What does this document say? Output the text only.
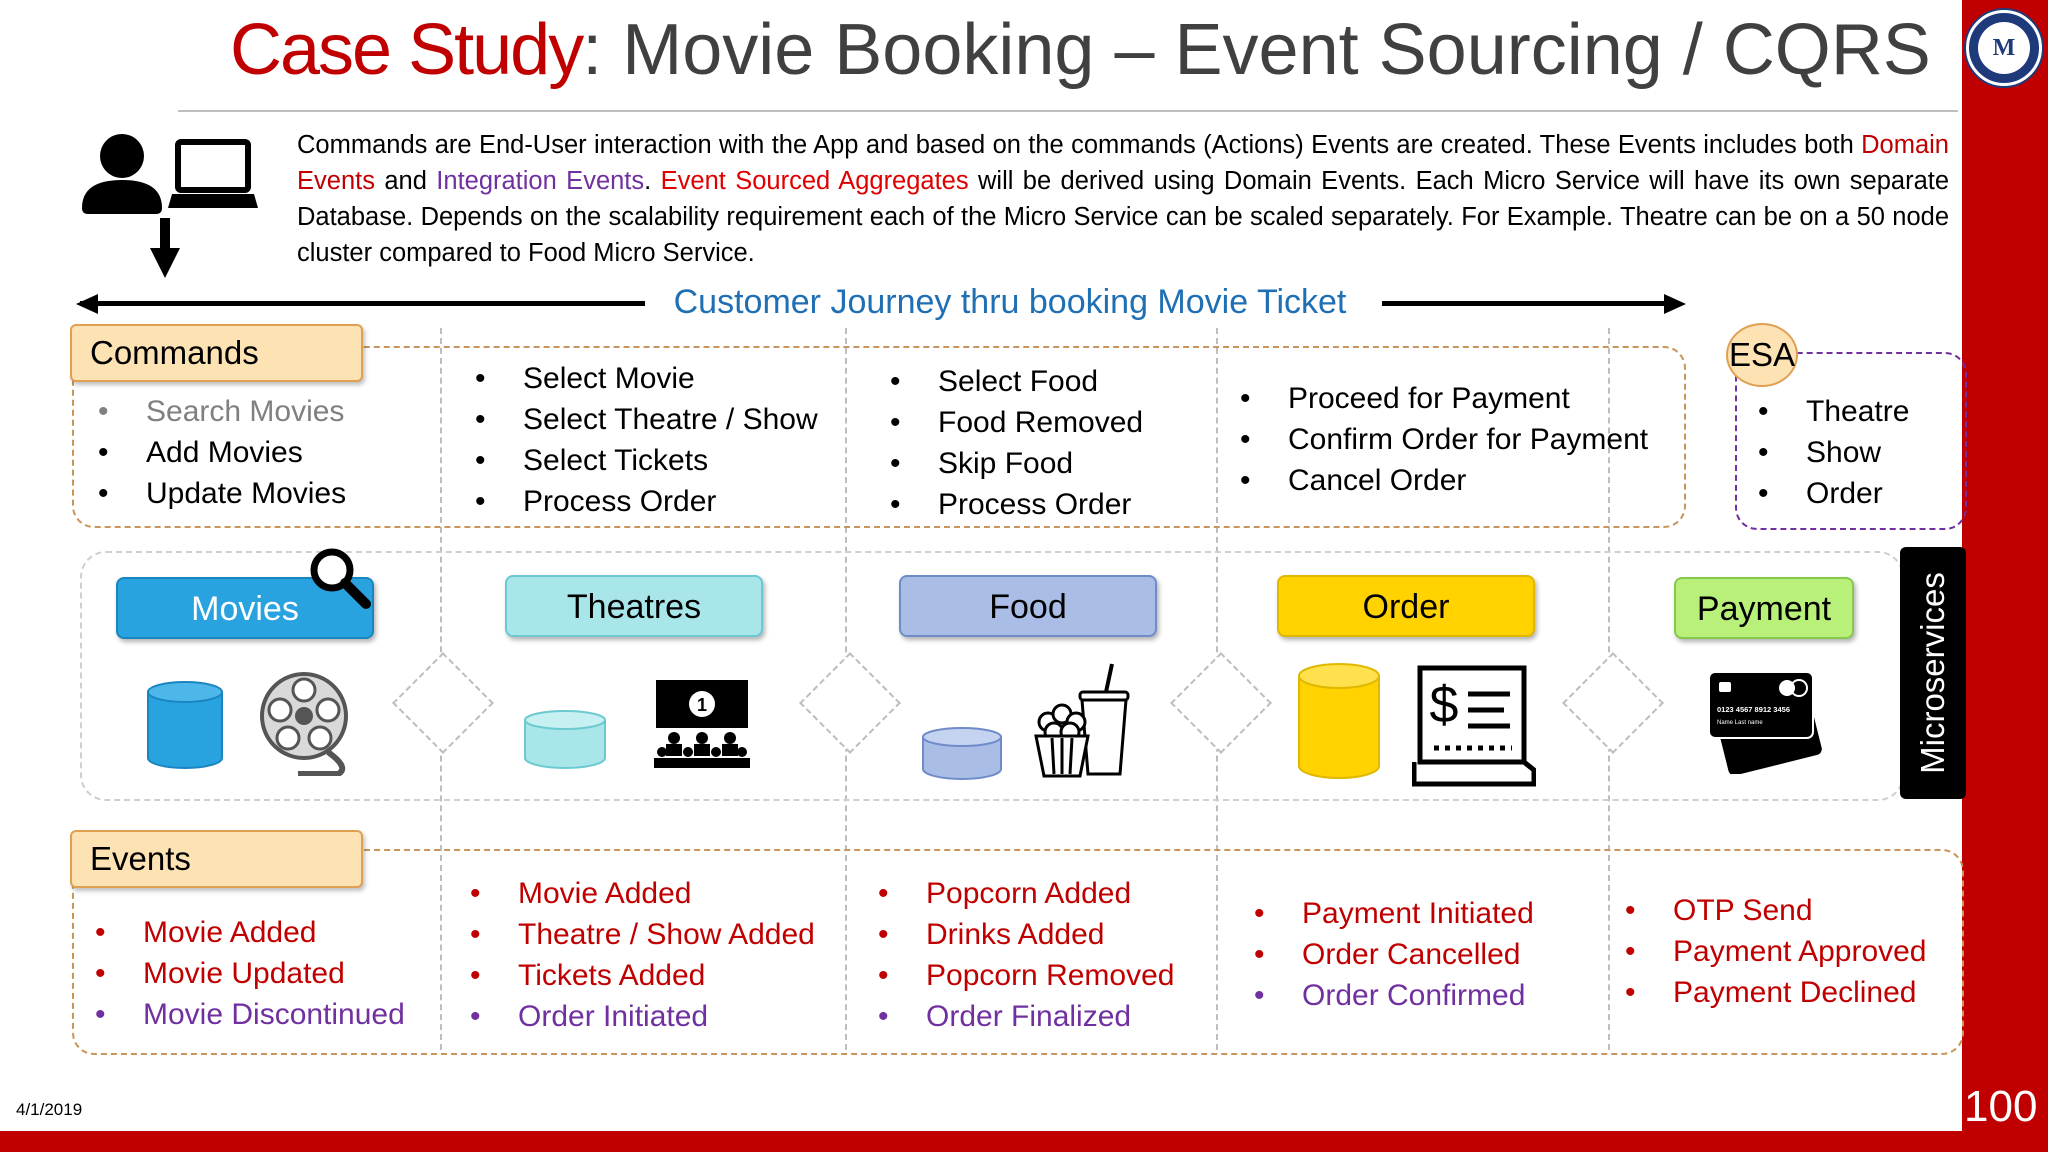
M
Case Study: Movie Booking – Event Sourcing / CQRS
Commands are End-User interaction with the App and based on the commands (Actions) Events are created. These Events includes both Domain Events and Integration Events. Event Sourced Aggregates will be derived using Domain Events. Each Micro Service will have its own separate Database. Depends on the scalability requirement each of the Micro Service can be scaled separately. For Example. Theatre can be on a 50 node cluster compared to Food Micro Service.
Customer Journey thru booking Movie Ticket
Commands
• Search Movies
• Add Movies
• Update Movies
• Select Movie
• Select Theatre / Show
• Select Tickets
• Process Order
• Select Food
• Food Removed
• Skip Food
• Process Order
• Proceed for Payment
• Confirm Order for Payment
• Cancel Order
ESA
• Theatre
• Show
• Order
Movies	Theatres	Food	Order	Payment
1	$	0123 4567 8912 3456
Name Last name	Microservices
Events
• Movie Added
• Movie Updated
• Movie Discontinued
• Movie Added
• Theatre / Show Added
• Tickets Added
• Order Initiated
• Popcorn Added
• Drinks Added
• Popcorn Removed
• Order Finalized
• Payment Initiated
• Order Cancelled
• Order Confirmed
• OTP Send
• Payment Approved
• Payment Declined
4/1/2019	100
